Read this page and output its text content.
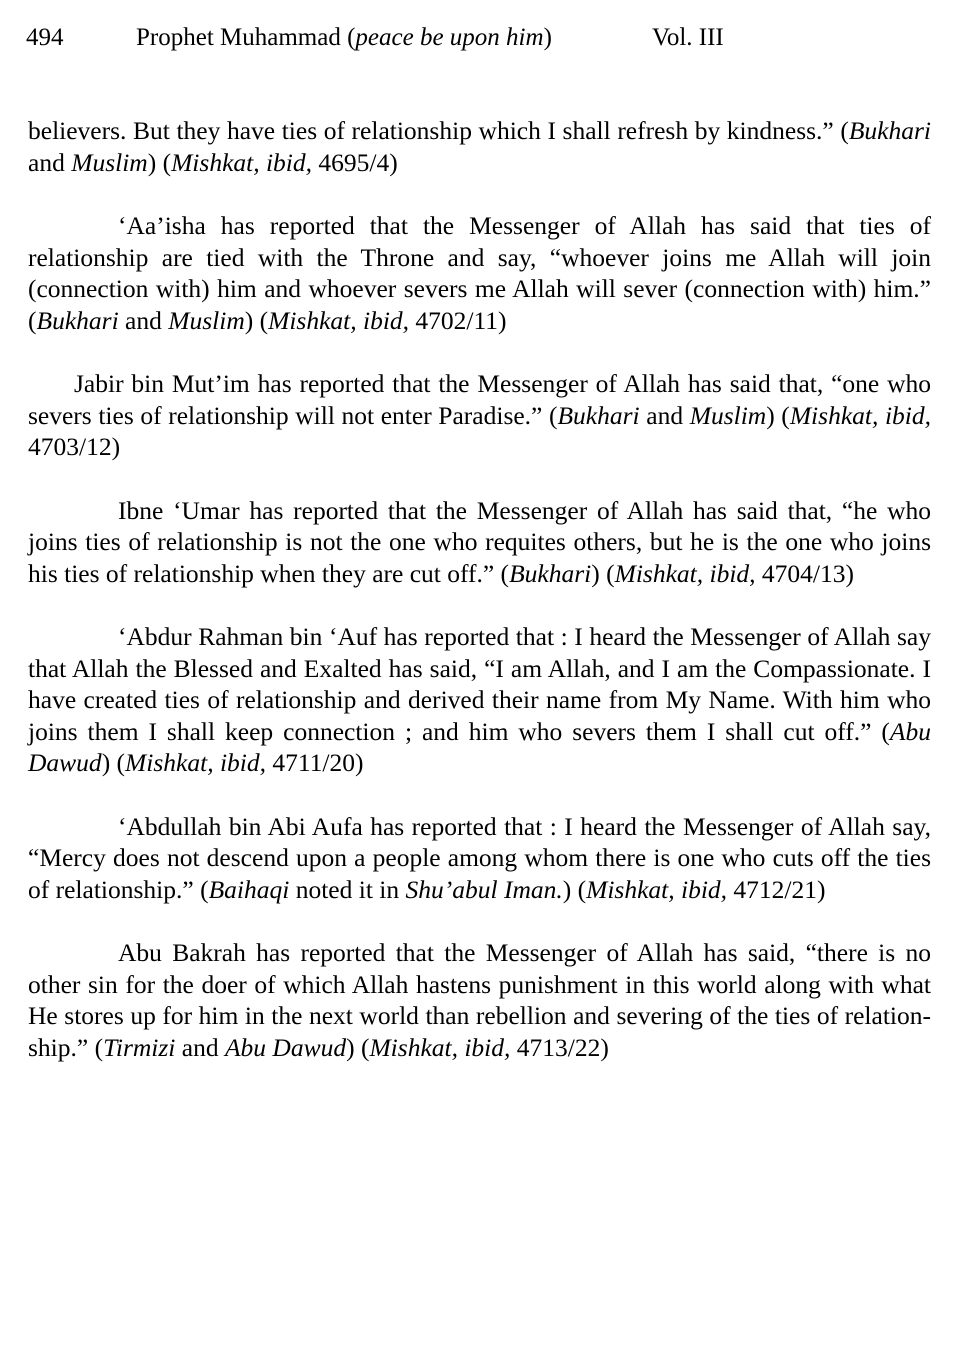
494	Prophet Muhammad (peace be upon him)	Vol. III

believers. But they have ties of relationship which I shall refresh by kindness.” (Bukhari and Muslim) (Mishkat, ibid, 4695/4)

‘Aa’isha has reported that the Messenger of Allah has said that ties of relationship are tied with the Throne and say, “whoever joins me Allah will join (connection with) him and whoever severs me Allah will sever (connection with) him.” (Bukhari and Muslim) (Mishkat, ibid, 4702/11)

Jabir bin Mut’im has reported that the Messenger of Allah has said that, “one who severs ties of relationship will not enter Paradise.” (Bukhari and Muslim) (Mishkat, ibid, 4703/12)

Ibne ‘Umar has reported that the Messenger of Allah has said that, “he who joins ties of relationship is not the one who requites others, but he is the one who joins his ties of relationship when they are cut off.” (Bukhari) (Mishkat, ibid, 4704/13)

‘Abdur Rahman bin ‘Auf has reported that : I heard the Messenger of Allah say that Allah the Blessed and Exalted has said, “I am Allah, and I am the Compassionate. I have created ties of relationship and derived their name from My Name. With him who joins them I shall keep connection ; and him who severs them I shall cut off.” (Abu Dawud) (Mishkat, ibid, 4711/20)

‘Abdullah bin Abi Aufa has reported that : I heard the Messenger of Allah say, “Mercy does not descend upon a people among whom there is one who cuts off the ties of relationship.” (Baihaqi noted it in Shu’abul Iman.) (Mishkat, ibid, 4712/21)

Abu Bakrah has reported that the Messenger of Allah has said, “there is no other sin for the doer of which Allah hastens punishment in this world along with what He stores up for him in the next world than rebellion and severing of the ties of relation-ship.” (Tirmizi and Abu Dawud) (Mishkat, ibid, 4713/22)
